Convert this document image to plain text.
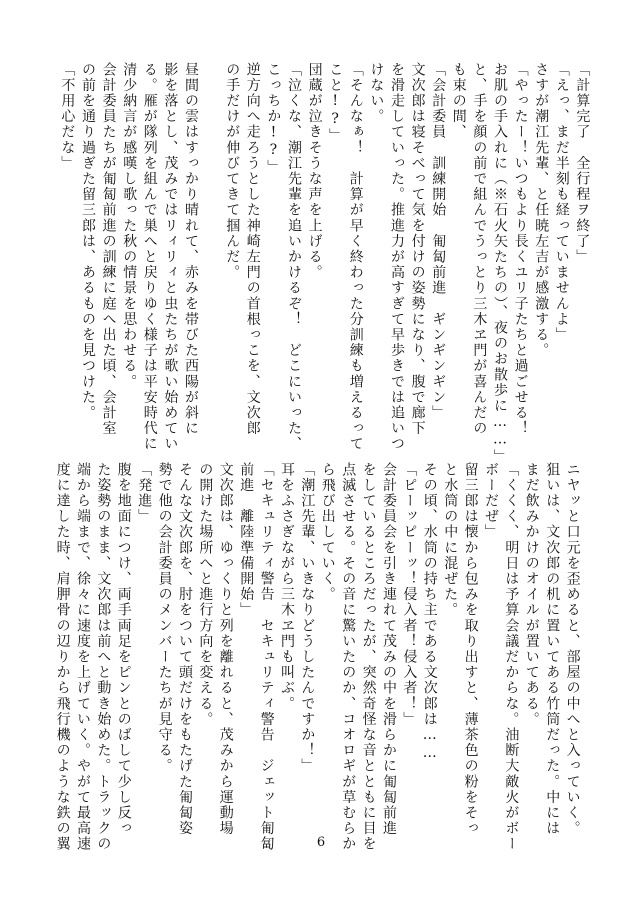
ニヤッと口元を歪めると、部屋の中へと入っていく。
狙いは、文次郎の机に置いてある竹筒だった。中には
まだ飲みかけのオイルが置いてある。
「くくく、明日は予算会議だからな。油断大敵火がボー
ボーだぜ」
留三郎は懐から包みを取り出すと、薄茶色の粉をそっ
と水筒の中に混ぜた。
その頃、水筒の持ち主である文次郎は……
「ピーッピーッ！侵入者！侵入者！」
会計委員会を引き連れて茂みの中を滑らかに匍匐前進
をしているところだったが、突然奇怪な音とともに目を
点滅させる。その音に驚いたのか、コオロギが草むらか
ら飛び出していく。
「潮江先輩、いきなりどうしたんですか！」
耳をふさぎながら三木ヱ門も叫ぶ。
「セキュリティ警告　セキュリティ警告　ジェット匍匐
前進　離陸準備開始」
文次郎は、ゆっくりと列を離れると、茂みから運動場
の開けた場所へと進行方向を変える。
そんな文次郎を、肘をついて頭だけをもたげた匍匐姿
勢で他の会計委員のメンバーたちが見守る。
「発進」
腹を地面につけ、両手両足をピンとのばして少し反っ
た姿勢のまま、文次郎は前へと動き始めた。トラックの
端から端まで、徐々に速度を上げていく。やがて最高速
度に達した時、肩胛骨の辺りから飛行機のような鉄の翼
「計算完了　全行程ヲ終了」
「えっ、まだ半刻も経っていませんよ」
さすが潮江先輩、と任暁左吉が感激する。
「やったー！いつもより長くユリ子たちと過ごせる！
お肌の手入れに（※石火矢たちの）、夜のお散歩に……」
と、手を顔の前で組んでうっとり三木ヱ門が喜んだの
も束の間、
「会計委員　訓練開始　匍匐前進　ギンギンギン」
文次郎は寝そべって気を付けの姿勢になり、腹で廊下
を滑走していった。推進力が高すぎて早歩きでは追いつ
けない。
「そんなぁ！　計算が早く終わった分訓練も増えるって
こと!?」
団蔵が泣きそうな声を上げる。
「泣くな、潮江先輩を追いかけるぞ！　どこにいった、
こっちか!?」
逆方向へ走ろうとした神崎左門の首根っこを、文次郎
の手だけが伸びてきて掴んだ。
昼間の雲はすっかり晴れて、赤みを帯びた西陽が斜に
影を落とし、茂みではリィリィと虫たちが歌い始めてい
る。雁が隊列を組んで巣へと戻りゆく様子は平安時代に
清少納言が感嘆し歌った秋の情景を思わせる。
会計委員たちが匍匐前進の訓練に庭へ出た頃、会計室
の前を通り過ぎた留三郎は、あるものを見つけた。
「不用心だな」
6
